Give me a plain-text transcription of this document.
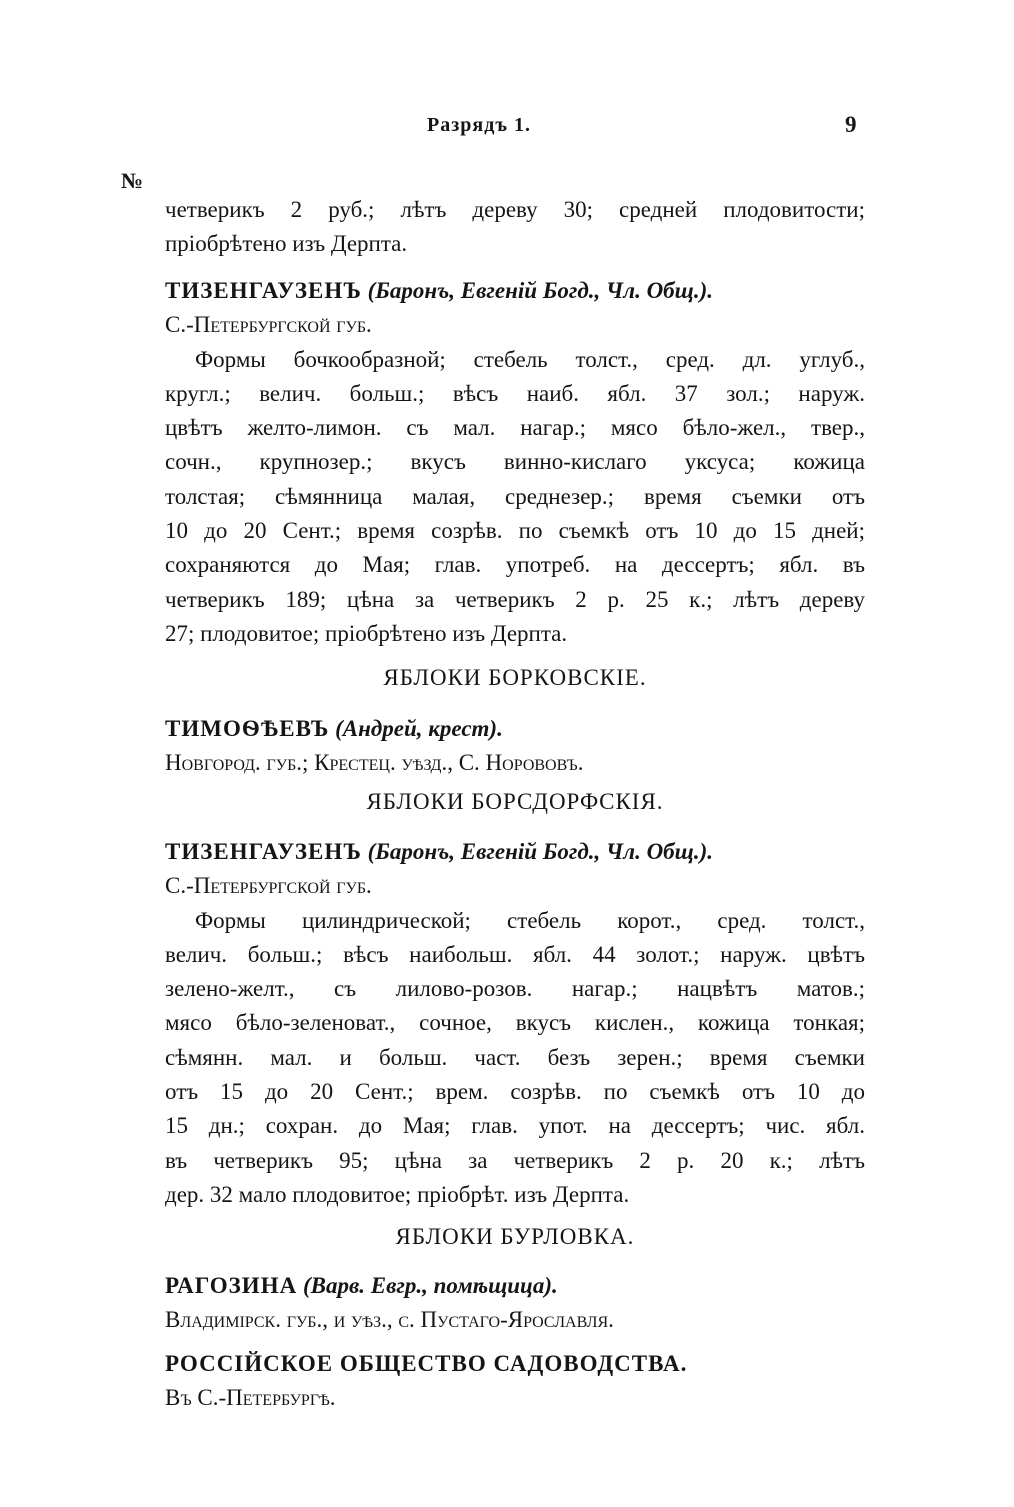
Разрядъ 1.	9
№
четверикъ 2 руб.; лѣтъ дереву 30; средней плодовитости;
пріобрѣтено изъ Дерпта.
ТИЗЕНГАУЗЕНЪ (Баронъ, Евгеній Богд., Чл. Общ.).
С.-Петербургской губ.
Формы бочкообразной; стебель толст., сред. дл. углуб.,
кругл.; велич. больш.; вѣсъ наиб. ябл. 37 зол.; наруж.
цвѣтъ желто-лимон. съ мал. нагар.; мясо бѣло-жел., твер.,
сочн., крупнозер.; вкусъ винно-кислаго уксуса; кожица
толстая; сѣмянница малая, среднезер.; время съемки отъ
10 до 20 Сент.; время созрѣв. по съемкѣ отъ 10 до 15 дней;
сохраняются до Мая; глав. употреб. на дессертъ; ябл. въ
четверикъ 189; цѣна за четверикъ 2 р. 25 к.; лѣтъ дереву
27; плодовитое; пріобрѣтено изъ Дерпта.
ЯБЛОКИ БОРКОВСКІЕ.
ТИМОѲѢЕВЪ (Андрей, крест).
Новгород. губ.; Крестец. уѣзд., С. Норововъ.
ЯБЛОКИ БОРСДОРФСКІЯ.
ТИЗЕНГАУЗЕНЪ (Баронъ, Евгеній Богд., Чл. Общ.).
С.-Петербургской губ.
Формы цилиндрической; стебель корот., сред. толст.,
велич. больш.; вѣсъ наибольш. ябл. 44 золот.; наруж. цвѣтъ
зелено-желт., съ лилово-розов. нагар.; нацвѣтъ матов.;
мясо бѣло-зеленоват., сочное, вкусъ кислен., кожица тонкая;
сѣмянн. мал. и больш. част. безъ зерен.; время съемки
отъ 15 до 20 Сент.; врем. созрѣв. по съемкѣ отъ 10 до
15 дн.; сохран. до Мая; глав. упот. на дессертъ; чис. ябл.
въ четверикъ 95; цѣна за четверикъ 2 р. 20 к.; лѣтъ
дер. 32 мало плодовитое; пріобрѣт. изъ Дерпта.
ЯБЛОКИ БУРЛОВКА.
РАГОЗИНА (Варв. Евгр., помѣщица).
Владимірск. губ., и уѣз., с. Пустаго-Ярославля.
РОССІЙСКОЕ ОБЩЕСТВО САДОВОДСТВА.
Въ С.-Петербургѣ.
